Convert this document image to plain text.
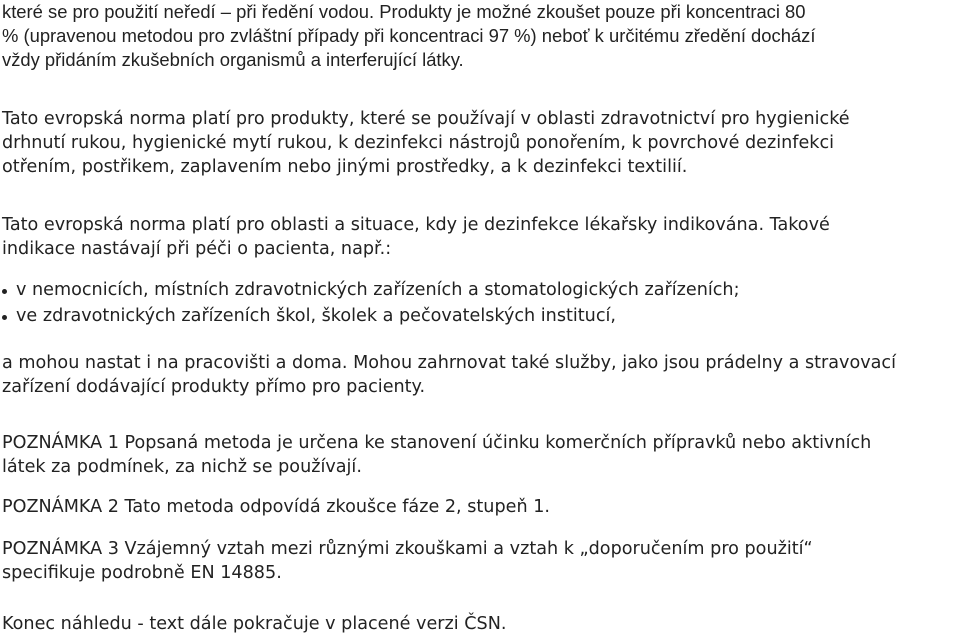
které se pro použití neředí – při ředění vodou. Produkty je možné zkoušet pouze při koncentraci 80
% (upravenou metodou pro zvláštní případy při koncentraci 97 %) neboť k určitému zředění dochází
vždy přidáním zkušebních organismů a interferující látky.
Tato evropská norma platí pro produkty, které se používají v oblasti zdravotnictví pro hygienické
drhnutí rukou, hygienické mytí rukou, k dezinfekci nástrojů ponořením, k povrchové dezinfekci
otřením, postřikem, zaplavením nebo jinými prostředky, a k dezinfekci textilií.
Tato evropská norma platí pro oblasti a situace, kdy je dezinfekce lékařsky indikována. Takové
indikace nastávají při péči o pacienta, např.:
v nemocnicích, místních zdravotnických zařízeních a stomatologických zařízeních;
ve zdravotnických zařízeních škol, školek a pečovatelských institucí,
a mohou nastat i na pracovišti a doma. Mohou zahrnovat také služby, jako jsou prádelny a stravovací
zařízení dodávající produkty přímo pro pacienty.
POZNÁMKA 1 Popsaná metoda je určena ke stanovení účinku komerčních přípravků nebo aktivních
látek za podmínek, za nichž se používají.
POZNÁMKA 2 Tato metoda odpovídá zkoušce fáze 2, stupeň 1.
POZNÁMKA 3 Vzájemný vztah mezi různými zkouškami a vztah k „doporučením pro použití“
specifikuje podrobně EN 14885.
Konec náhledu - text dále pokračuje v placené verzi ČSN.
